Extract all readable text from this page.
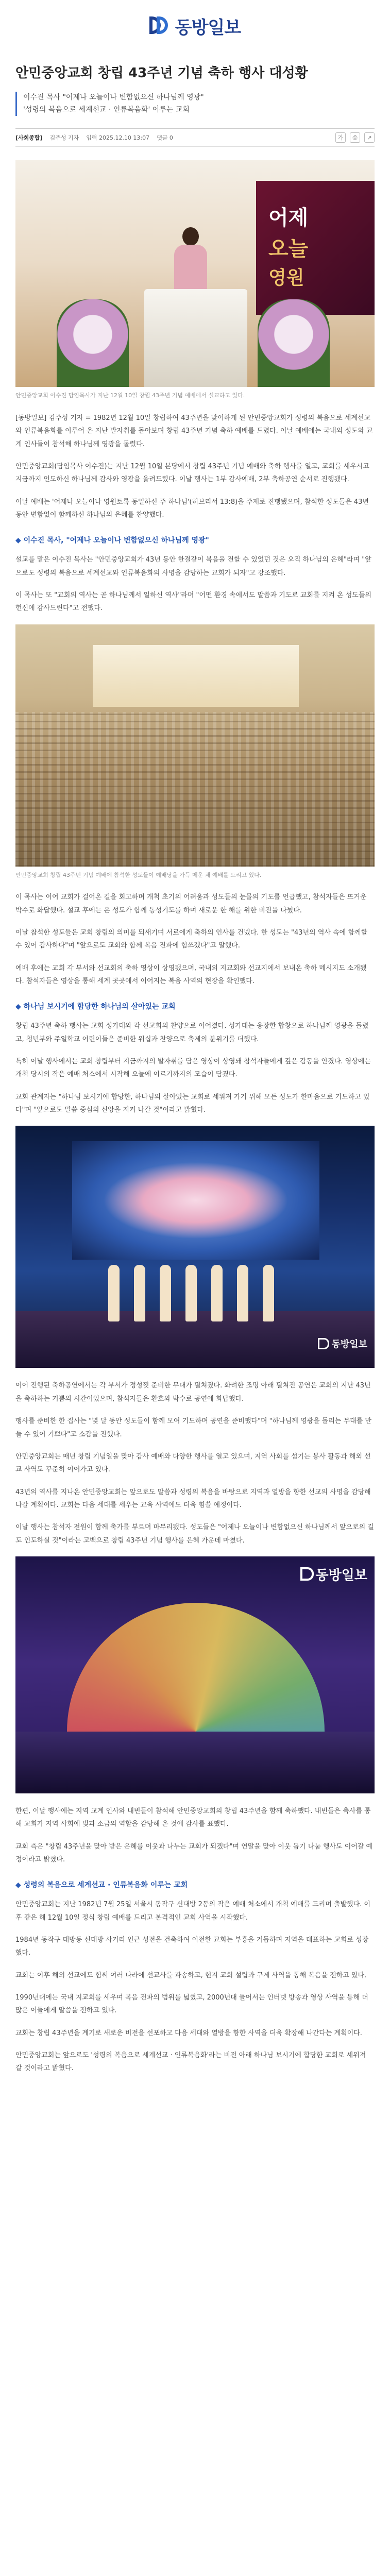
동방일보
안민중앙교회 창립 43주년 기념 축하 행사 대성황

이수진 목사 "어제나 오늘이나 변함없으신 하나님께 영광"

'성령의 복음으로 세계선교 · 인류복음화' 이루는 교회

[사회종합] 김주성 기자 입력 2025.12.10 13:07 댓글 0	가	⎙	↗
어제
오늘
영원

안민중앙교회 이수진 담임목사가 지난 12월 10일 창립 43주년 기념 예배에서 설교하고 있다.

[동방일보] 김주성 기자 = 1982년 12월 10일 창립하여 43주년을 맞이하게 된 안민중앙교회가 성령의 복음으로 세계선교와 인류복음화를 이루어 온 지난 발자취를 돌아보며 창립 43주년 기념 축하 예배를 드렸다. 이날 예배에는 국내외 성도와 교계 인사들이 참석해 하나님께 영광을 돌렸다.

안민중앙교회(담임목사 이수진)는 지난 12월 10일 본당에서 창립 43주년 기념 예배와 축하 행사를 열고, 교회를 세우시고 지금까지 인도하신 하나님께 감사와 영광을 올려드렸다. 이날 행사는 1부 감사예배, 2부 축하공연 순서로 진행됐다.

이날 예배는 '어제나 오늘이나 영원토록 동일하신 주 하나님'(히브리서 13:8)을 주제로 진행됐으며, 참석한 성도들은 43년 동안 변함없이 함께하신 하나님의 은혜를 찬양했다.

◆ 이수진 목사, "어제나 오늘이나 변함없으신 하나님께 영광"

설교를 맡은 이수진 목사는 "안민중앙교회가 43년 동안 한결같이 복음을 전할 수 있었던 것은 오직 하나님의 은혜"라며 "앞으로도 성령의 복음으로 세계선교와 인류복음화의 사명을 감당하는 교회가 되자"고 강조했다.

이 목사는 또 "교회의 역사는 곧 하나님께서 일하신 역사"라며 "어떤 환경 속에서도 말씀과 기도로 교회를 지켜 온 성도들의 헌신에 감사드린다"고 전했다.

안민중앙교회 창립 43주년 기념 예배에 참석한 성도들이 예배당을 가득 메운 채 예배를 드리고 있다.

이 목사는 이어 교회가 걸어온 길을 회고하며 개척 초기의 어려움과 성도들의 눈물의 기도를 언급했고, 참석자들은 뜨거운 박수로 화답했다. 설교 후에는 온 성도가 함께 통성기도를 하며 새로운 한 해를 위한 비전을 나눴다.

이날 참석한 성도들은 교회 창립의 의미를 되새기며 서로에게 축하의 인사를 건넸다. 한 성도는 "43년의 역사 속에 함께할 수 있어 감사하다"며 "앞으로도 교회와 함께 복음 전파에 힘쓰겠다"고 말했다.

예배 후에는 교회 각 부서와 선교회의 축하 영상이 상영됐으며, 국내외 지교회와 선교지에서 보내온 축하 메시지도 소개됐다. 참석자들은 영상을 통해 세계 곳곳에서 이어지는 복음 사역의 현장을 확인했다.

◆ 하나님 보시기에 합당한 하나님의 살아있는 교회

창립 43주년 축하 행사는 교회 성가대와 각 선교회의 찬양으로 이어졌다. 성가대는 웅장한 합창으로 하나님께 영광을 돌렸고, 청년부와 주일학교 어린이들은 준비한 워십과 찬양으로 축제의 분위기를 더했다.

특히 이날 행사에서는 교회 창립부터 지금까지의 발자취를 담은 영상이 상영돼 참석자들에게 깊은 감동을 안겼다. 영상에는 개척 당시의 작은 예배 처소에서 시작해 오늘에 이르기까지의 모습이 담겼다.

교회 관계자는 "하나님 보시기에 합당한, 하나님의 살아있는 교회로 세워져 가기 위해 모든 성도가 한마음으로 기도하고 있다"며 "앞으로도 말씀 중심의 신앙을 지켜 나갈 것"이라고 밝혔다.

동방일보

이어 진행된 축하공연에서는 각 부서가 정성껏 준비한 무대가 펼쳐졌다. 화려한 조명 아래 펼쳐진 공연은 교회의 지난 43년을 축하하는 기쁨의 시간이었으며, 참석자들은 환호와 박수로 공연에 화답했다.

행사를 준비한 한 집사는 "몇 달 동안 성도들이 함께 모여 기도하며 공연을 준비했다"며 "하나님께 영광을 돌리는 무대를 만들 수 있어 기쁘다"고 소감을 전했다.

안민중앙교회는 매년 창립 기념일을 맞아 감사 예배와 다양한 행사를 열고 있으며, 지역 사회를 섬기는 봉사 활동과 해외 선교 사역도 꾸준히 이어가고 있다.

43년의 역사를 지나온 안민중앙교회는 앞으로도 말씀과 성령의 복음을 바탕으로 지역과 열방을 향한 선교의 사명을 감당해 나갈 계획이다. 교회는 다음 세대를 세우는 교육 사역에도 더욱 힘쓸 예정이다.

이날 행사는 참석자 전원이 함께 축가를 부르며 마무리됐다. 성도들은 "어제나 오늘이나 변함없으신 하나님께서 앞으로의 길도 인도하실 것"이라는 고백으로 창립 43주년 기념 행사를 은혜 가운데 마쳤다.

동방일보

한편, 이날 행사에는 지역 교계 인사와 내빈들이 참석해 안민중앙교회의 창립 43주년을 함께 축하했다. 내빈들은 축사를 통해 교회가 지역 사회에 빛과 소금의 역할을 감당해 온 것에 감사를 표했다.

교회 측은 "창립 43주년을 맞아 받은 은혜를 이웃과 나누는 교회가 되겠다"며 연말을 맞아 이웃 돕기 나눔 행사도 이어갈 예정이라고 밝혔다.

◆ 성령의 복음으로 세계선교 · 인류복음화 이루는 교회

안민중앙교회는 지난 1982년 7월 25일 서울시 동작구 신대방 2동의 작은 예배 처소에서 개척 예배를 드리며 출발했다. 이후 같은 해 12월 10일 정식 창립 예배를 드리고 본격적인 교회 사역을 시작했다.

1984년 동작구 대방동 신대방 사거리 인근 성전을 건축하여 이전한 교회는 부흥을 거듭하며 지역을 대표하는 교회로 성장했다.

교회는 이후 해외 선교에도 힘써 여러 나라에 선교사를 파송하고, 현지 교회 설립과 구제 사역을 통해 복음을 전하고 있다.

1990년대에는 국내 지교회를 세우며 복음 전파의 범위를 넓혔고, 2000년대 들어서는 인터넷 방송과 영상 사역을 통해 더 많은 이들에게 말씀을 전하고 있다.

교회는 창립 43주년을 계기로 새로운 비전을 선포하고 다음 세대와 열방을 향한 사역을 더욱 확장해 나간다는 계획이다.

안민중앙교회는 앞으로도 '성령의 복음으로 세계선교 · 인류복음화'라는 비전 아래 하나님 보시기에 합당한 교회로 세워져 갈 것이라고 밝혔다.
